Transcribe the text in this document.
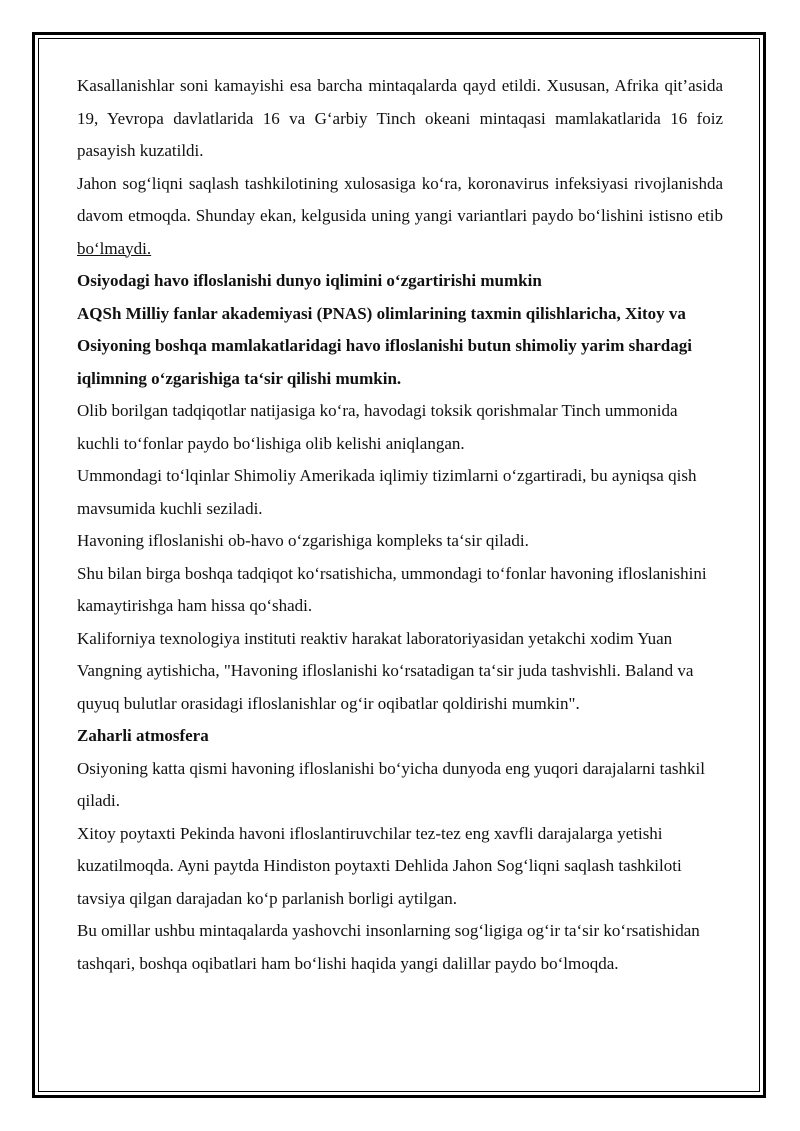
Kasallanishlar soni kamayishi esa barcha mintaqalarda qayd etildi. Xususan, Afrika qit’asida 19, Yevropa davlatlarida 16 va G‘arbiy Tinch okeani mintaqasi mamlakatlarida 16 foiz pasayish kuzatildi.

Jahon sog‘liqni saqlash tashkilotining xulosasiga ko‘ra, koronavirus infeksiyasi rivojlanishda davom etmoqda. Shunday ekan, kelgusida uning yangi variantlari paydo bo‘lishini istisno etib bo‘lmaydi.

Osiyodagi havo ifloslanishi dunyo iqlimini o‘zgartirishi mumkin

AQSh Milliy fanlar akademiyasi (PNAS) olimlarining taxmin qilishlaricha, Xitoy va Osiyoning boshqa mamlakatlaridagi havo ifloslanishi butun shimoliy yarim shardagi iqlimning o‘zgarishiga ta‘sir qilishi mumkin.

Olib borilgan tadqiqotlar natijasiga ko‘ra, havodagi toksik qorishmalar Tinch ummonida kuchli to‘fonlar paydo bo‘lishiga olib kelishi aniqlangan.

Ummondagi to‘lqinlar Shimoliy Amerikada iqlimiy tizimlarni o‘zgartiradi, bu ayniqsa qish mavsumida kuchli seziladi.

Havoning ifloslanishi ob-havo o‘zgarishiga kompleks ta‘sir qiladi.

Shu bilan birga boshqa tadqiqot ko‘rsatishicha, ummondagi to‘fonlar havoning ifloslanishini kamaytirishga ham hissa qo‘shadi.

Kaliforniya texnologiya instituti reaktiv harakat laboratoriyasidan yetakchi xodim Yuan Vangning aytishicha, "Havoning ifloslanishi ko‘rsatadigan ta‘sir juda tashvishli. Baland va quyuq bulutlar orasidagi ifloslanishlar og‘ir oqibatlar qoldirishi mumkin".

Zaharli atmosfera

Osiyoning katta qismi havoning ifloslanishi bo‘yicha dunyoda eng yuqori darajalarni tashkil qiladi.

Xitoy poytaxti Pekinda havoni ifloslantiruvchilar tez-tez eng xavfli darajalarga yetishi kuzatilmoqda. Ayni paytda Hindiston poytaxti Dehlida Jahon Sog‘liqni saqlash tashkiloti tavsiya qilgan darajadan ko‘p parlanish borligi aytilgan.

Bu omillar ushbu mintaqalarda yashovchi insonlarning sog‘ligiga og‘ir ta‘sir ko‘rsatishidan tashqari, boshqa oqibatlari ham bo‘lishi haqida yangi dalillar paydo bo‘lmoqda.
